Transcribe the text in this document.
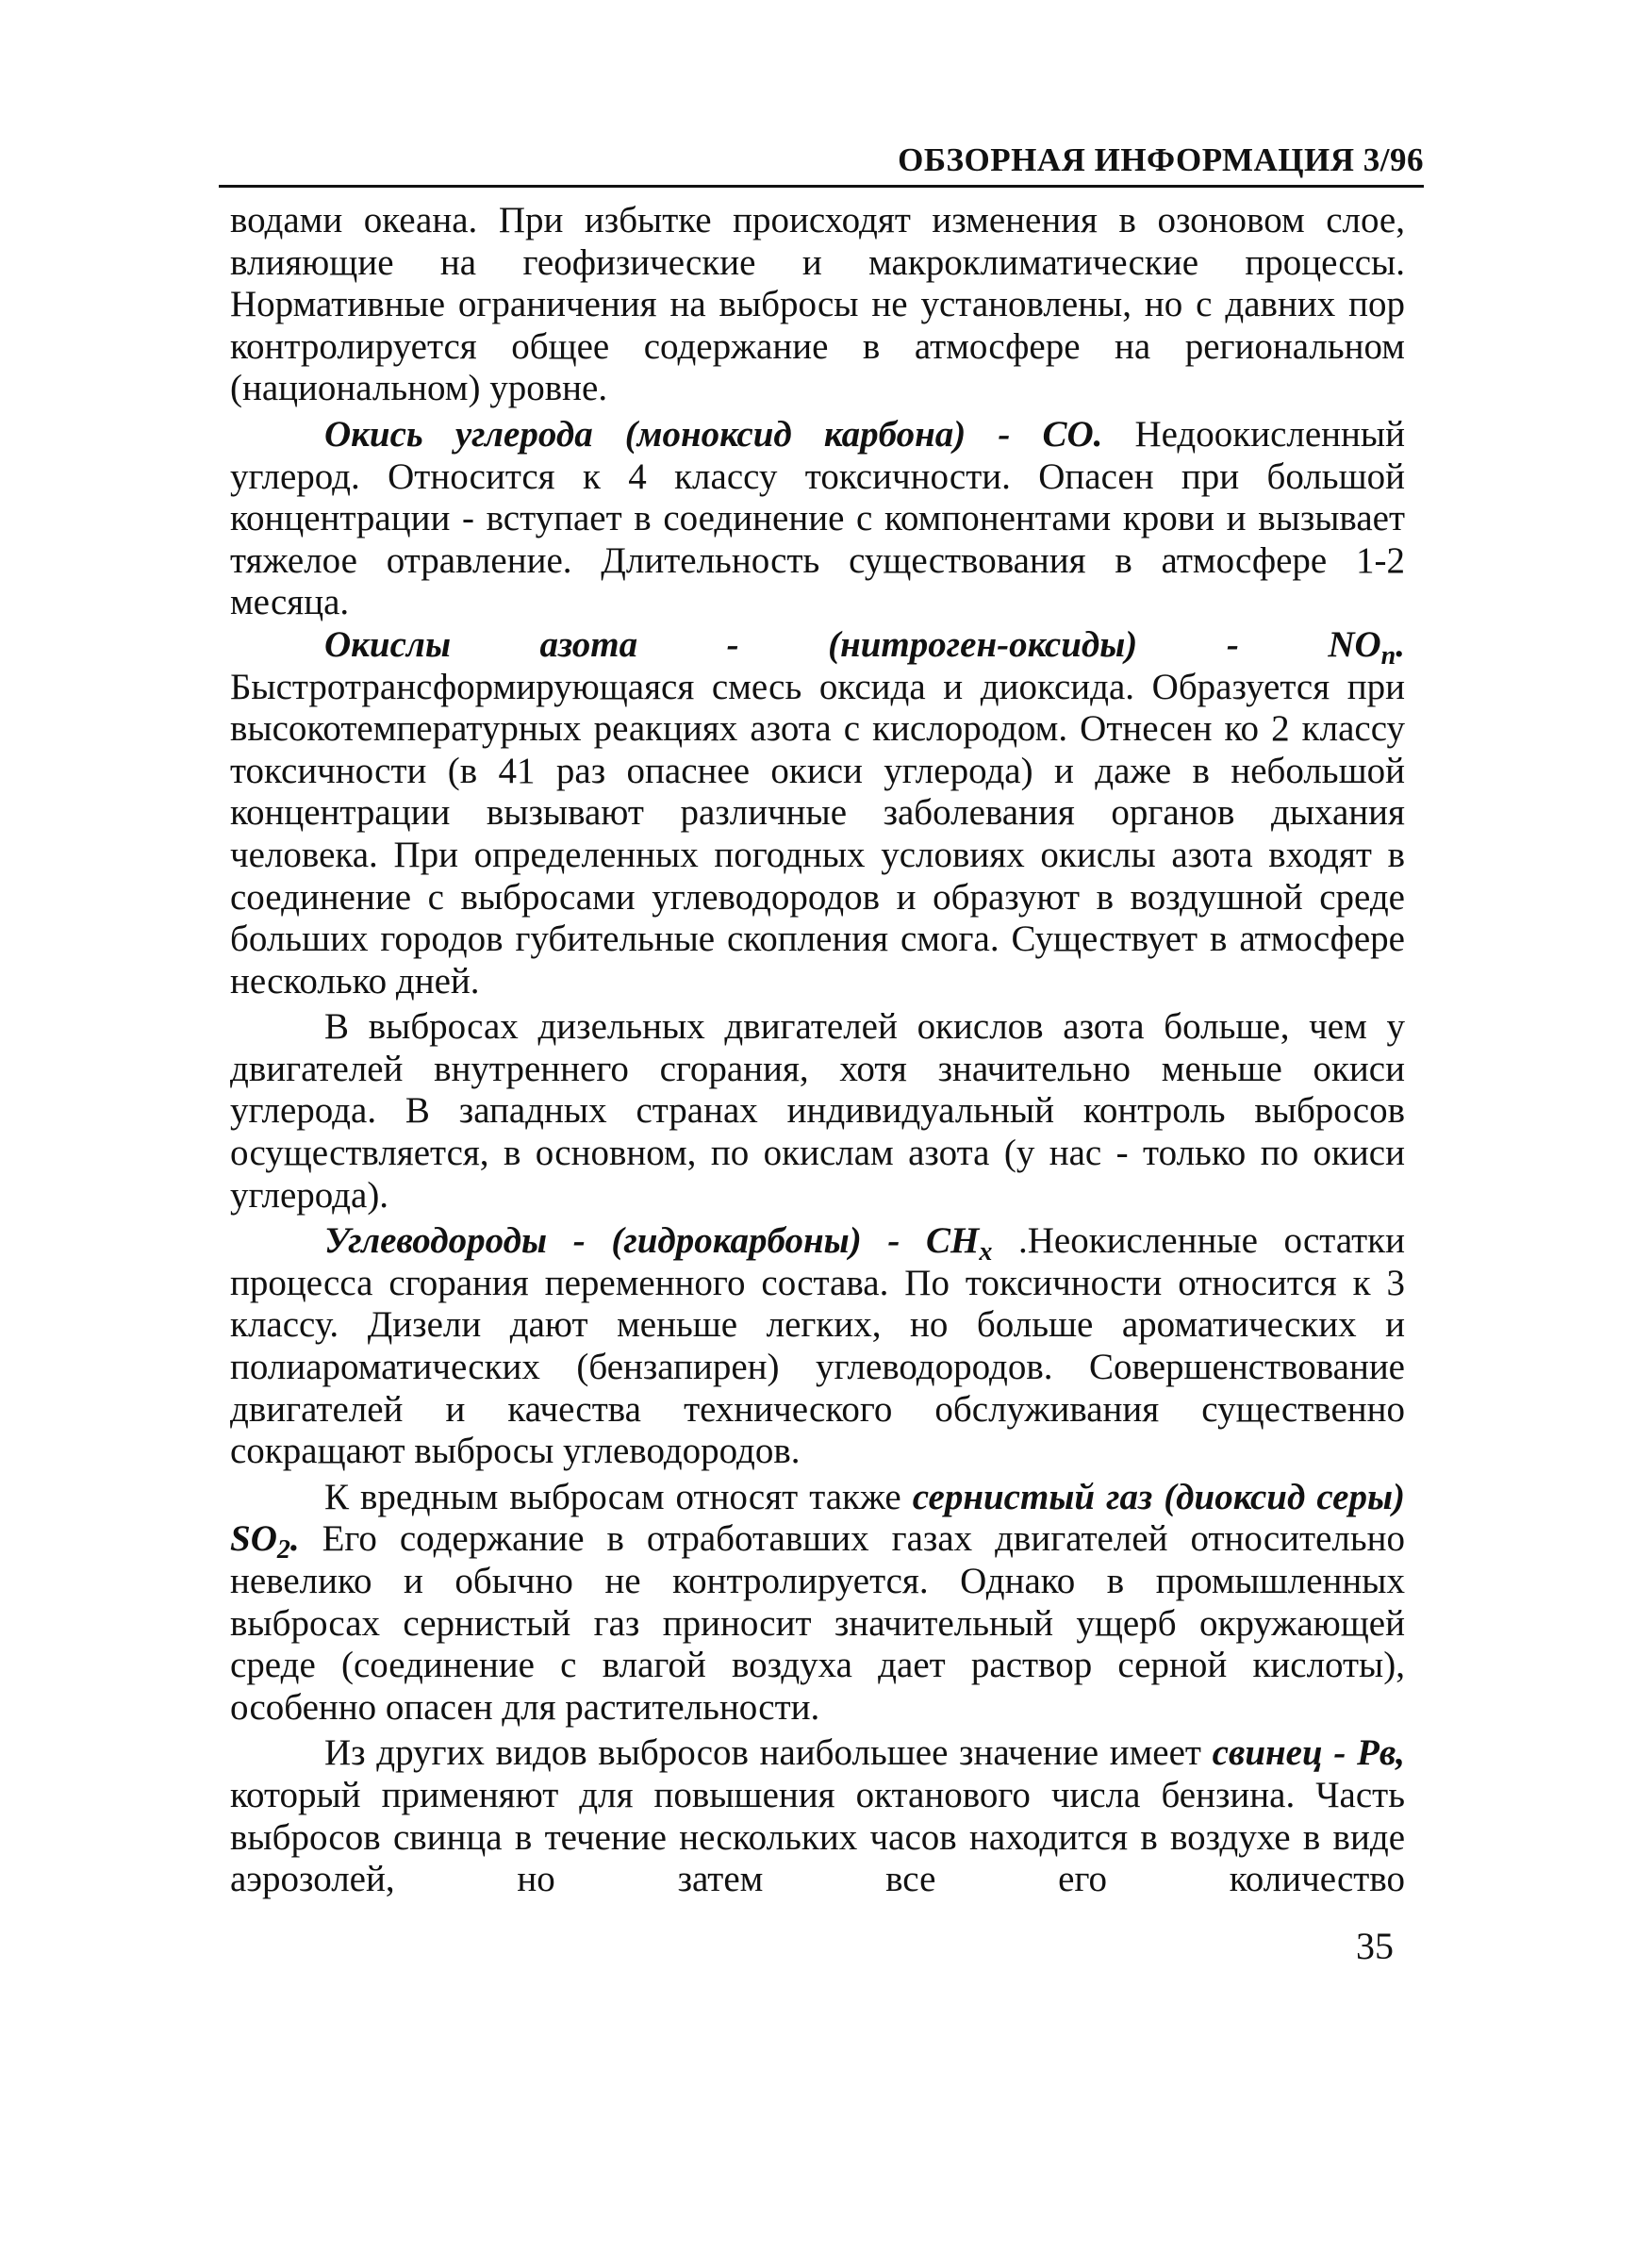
ОБЗОРНАЯ ИНФОРМАЦИЯ 3/96

водами океана. При избытке происходят изменения в озоновом слое, влияющие на геофизические и макроклиматические процессы. Нормативные ограничения на выбросы не установлены, но с давних пор контролируется общее содержание в атмосфере на региональном (национальном) уровне.

Окись углерода (моноксид карбона) - CO. Недоокисленный углерод. Относится к 4 классу токсичности. Опасен при большой концентрации - вступает в соединение с компонентами крови и вызывает тяжелое отравление. Длительность существования в атмосфере 1-2 месяца.

Окислы азота - (нитроген-оксиды) - $NO_n$. Быстротрансформирующаяся смесь оксида и диоксида. Образуется при высокотемпературных реакциях азота с кислородом. Отнесен ко 2 классу токсичности (в 41 раз опаснее окиси углерода) и даже в небольшой концентрации вызывают различные заболевания органов дыхания человека. При определенных погодных условиях окислы азота входят в соединение с выбросами углеводородов и образуют в воздушной среде больших городов губительные скопления смога. Существует в атмосфере несколько дней.

В выбросах дизельных двигателей окислов азота больше, чем у двигателей внутреннего сгорания, хотя значительно меньше окиси углерода. В западных странах индивидуальный контроль выбросов осуществляется, в основном, по окислам азота (у нас - только по окиси углерода).

Углеводороды - (гидрокарбоны) - $CH_x$ .Неокисленные остатки процесса сгорания переменного состава. По токсичности относится к 3 классу. Дизели дают меньше легких, но больше ароматических и полиароматических (бензапирен) углеводородов. Совершенствование двигателей и качества технического обслуживания существенно сокращают выбросы углеводородов.

К вредным выбросам относят также сернистый газ (диоксид серы) $SO_2$. Его содержание в отработавших газах двигателей относительно невелико и обычно не контролируется. Однако в промышленных выбросах сернистый газ приносит значительный ущерб окружающей среде (соединение с влагой воздуха дает раствор серной кислоты), особенно опасен для растительности.

Из других видов выбросов наибольшее значение имеет свинец - Рв, который применяют для повышения октанового числа бензина. Часть выбросов свинца в течение нескольких часов находится в воздухе в виде аэрозолей, но затем все его количество

35
